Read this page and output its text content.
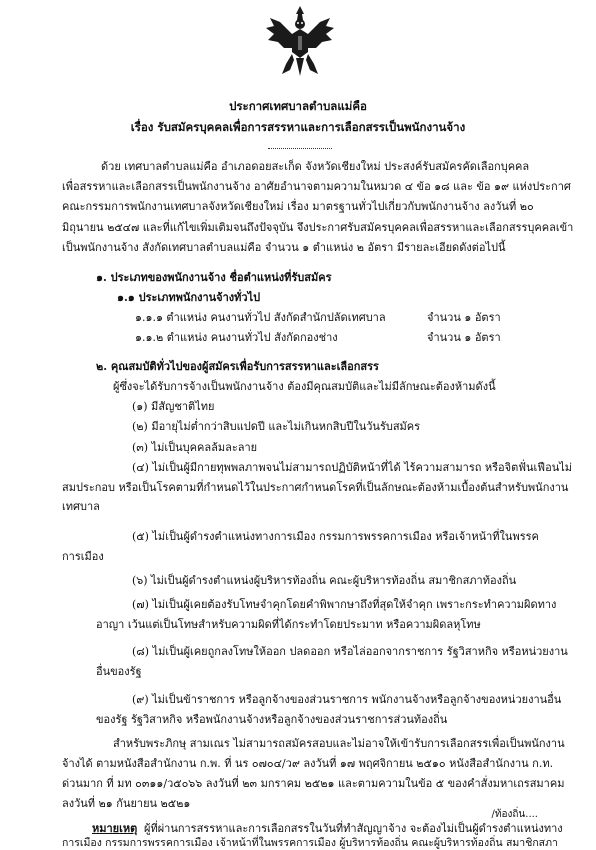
ประกาศเทศบาลตำบลแม่คือ
เรื่อง รับสมัครบุคคลเพื่อการสรรหาและการเลือกสรรเป็นพนักงานจ้าง
ด้วย เทศบาลตำบลแม่คือ อำเภอดอยสะเก็ด จังหวัดเชียงใหม่ ประสงค์รับสมัครคัดเลือกบุคคล
เพื่อสรรหาและเลือกสรรเป็นพนักงานจ้าง อาศัยอำนาจตามความในหมวด ๔ ข้อ ๑๘ และ ข้อ ๑๙ แห่งประกาศ
คณะกรรมการพนักงานเทศบาลจังหวัดเชียงใหม่ เรื่อง มาตรฐานทั่วไปเกี่ยวกับพนักงานจ้าง ลงวันที่ ๒๐
มิถุนายน ๒๕๔๗ และที่แก้ไขเพิ่มเติมจนถึงปัจจุบัน จึงประกาศรับสมัครบุคคลเพื่อสรรหาและเลือกสรรบุคคลเข้า
เป็นพนักงานจ้าง สังกัดเทศบาลตำบลแม่คือ จำนวน ๑ ตำแหน่ง ๒ อัตรา มีรายละเอียดดังต่อไปนี้
๑. ประเภทของพนักงานจ้าง ชื่อตำแหน่งที่รับสมัคร
๑.๑ ประเภทพนักงานจ้างทั่วไป
๑.๑.๑ ตำแหน่ง คนงานทั่วไป สังกัดสำนักปลัดเทศบาล	จำนวน ๑ อัตรา
๑.๑.๒ ตำแหน่ง คนงานทั่วไป สังกัดกองช่าง	จำนวน ๑ อัตรา
๒. คุณสมบัติทั่วไปของผู้สมัครเพื่อรับการสรรหาและเลือกสรร
ผู้ซึ่งจะได้รับการจ้างเป็นพนักงานจ้าง ต้องมีคุณสมบัติและไม่มีลักษณะต้องห้ามดังนี้
(๑) มีสัญชาติไทย
(๒) มีอายุไม่ต่ำกว่าสิบแปดปี และไม่เกินหกสิบปีในวันรับสมัคร
(๓) ไม่เป็นบุคคลล้มละลาย
(๔) ไม่เป็นผู้มีกายทุพพลภาพจนไม่สามารถปฏิบัติหน้าที่ได้ ไร้ความสามารถ หรือจิตฟั่นเฟือนไม่
สมประกอบ หรือเป็นโรคตามที่กำหนดไว้ในประกาศกำหนดโรคที่เป็นลักษณะต้องห้ามเบื้องต้นสำหรับพนักงาน
เทศบาล
(๕) ไม่เป็นผู้ดำรงตำแหน่งทางการเมือง กรรมการพรรคการเมือง หรือเจ้าหน้าที่ในพรรค
การเมือง
(๖) ไม่เป็นผู้ดำรงตำแหน่งผู้บริหารท้องถิ่น คณะผู้บริหารท้องถิ่น สมาชิกสภาท้องถิ่น
(๗) ไม่เป็นผู้เคยต้องรับโทษจำคุกโดยคำพิพากษาถึงที่สุดให้จำคุก เพราะกระทำความผิดทาง
อาญา เว้นแต่เป็นโทษสำหรับความผิดที่ได้กระทำโดยประมาท หรือความผิดลหุโทษ
(๘) ไม่เป็นผู้เคยถูกลงโทษให้ออก ปลดออก หรือไล่ออกจากราชการ รัฐวิสาหกิจ หรือหน่วยงาน
อื่นของรัฐ
(๙) ไม่เป็นข้าราชการ หรือลูกจ้างของส่วนราชการ พนักงานจ้างหรือลูกจ้างของหน่วยงานอื่น
ของรัฐ รัฐวิสาหกิจ หรือพนักงานจ้างหรือลูกจ้างของส่วนราชการส่วนท้องถิ่น
สำหรับพระภิกษุ สามเณร ไม่สามารถสมัครสอบและไม่อาจให้เข้ารับการเลือกสรรเพื่อเป็นพนักงาน
จ้างได้ ตามหนังสือสำนักงาน ก.พ. ที่ นร ๐๗๐๔/ว๙ ลงวันที่ ๑๗ พฤศจิกายน ๒๕๑๐ หนังสือสำนักงาน ก.ท.
ด่วนมาก ที่ มท ๐๓๑๑/ว๕๐๖๖ ลงวันที่ ๒๓ มกราคม ๒๕๒๑ และตามความในข้อ ๕ ของคำสั่งมหาเถรสมาคม
ลงวันที่ ๒๑ กันยายน ๒๕๒๑
หมายเหตุ ผู้ที่ผ่านการสรรหาและการเลือกสรรในวันที่ทำสัญญาจ้าง จะต้องไม่เป็นผู้ดำรงตำแหน่งทาง
การเมือง กรรมการพรรคการเมือง เจ้าหน้าที่ในพรรคการเมือง ผู้บริหารท้องถิ่น คณะผู้บริหารท้องถิ่น สมาชิกสภา
/ท้องถิ่น....
